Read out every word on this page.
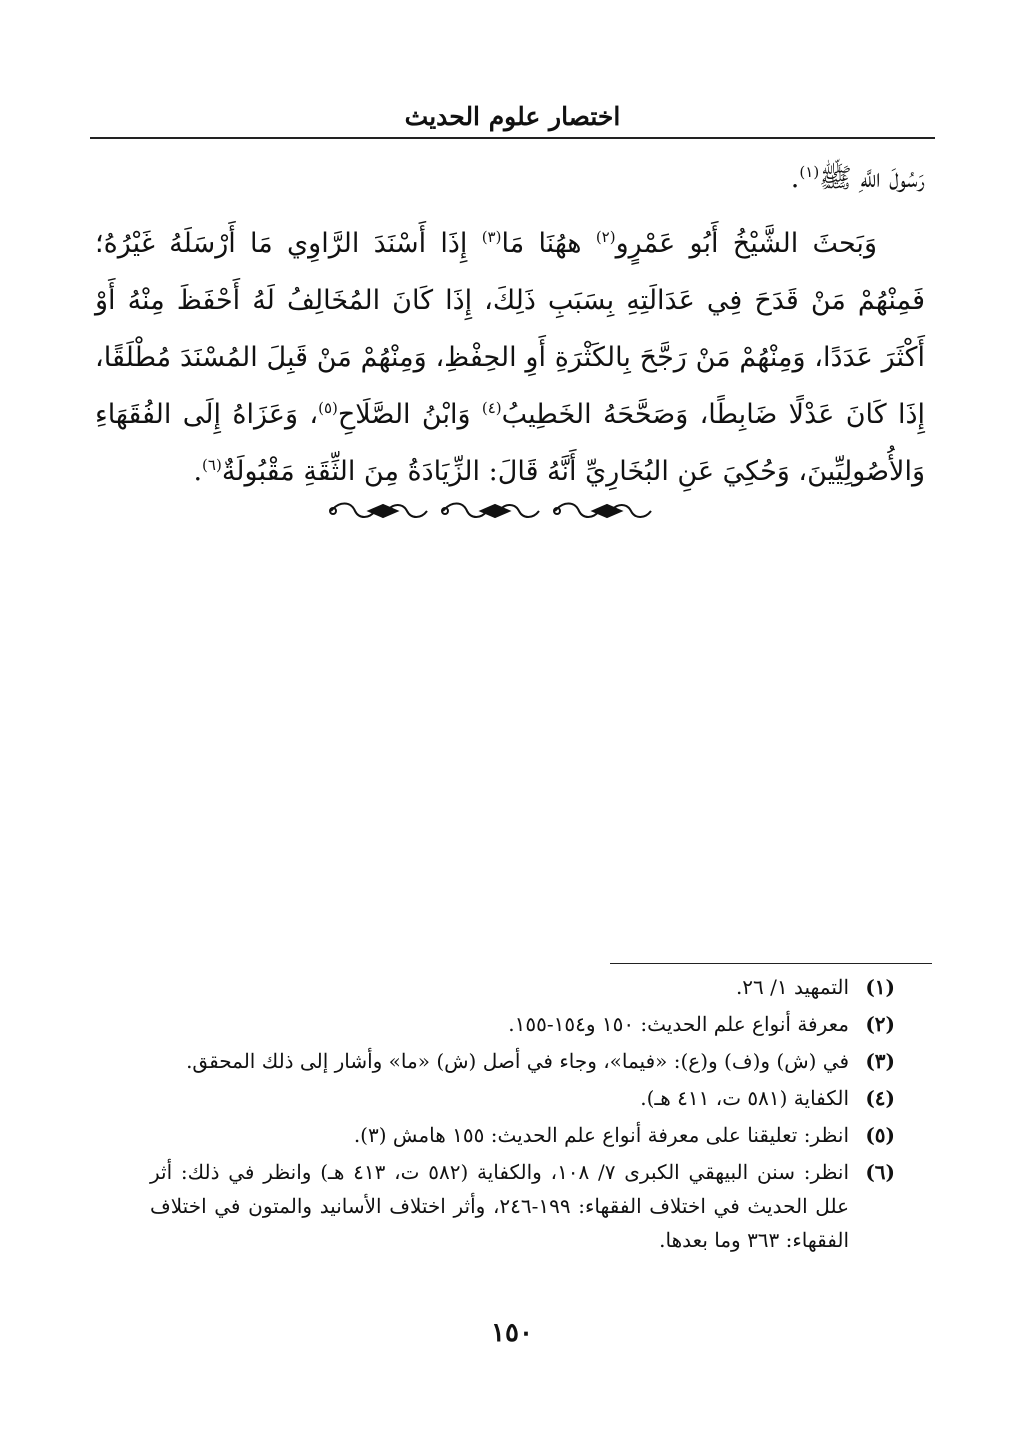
اختصار علوم الحديث

رَسُولَ اللَّهِ ﷺ$^{(١)}$.

وَبَحثَ الشَّيْخُ أَبُو عَمْرٍو$^{(٢)}$ ههُنَا مَا$^{(٣)}$ إِذَا أَسْنَدَ الرَّاوِي مَا أَرْسَلَهُ غَيْرُهُ؛ فَمِنْهُمْ مَنْ قَدَحَ فِي عَدَالَتِهِ بِسَبَبِ ذَلِكَ، إِذَا كَانَ المُخَالِفُ لَهُ أَحْفَظَ مِنْهُ أَوْ أَكْثَرَ عَدَدًا، وَمِنْهُمْ مَنْ رَجَّحَ بِالكَثْرَةِ أَوِ الحِفْظِ، وَمِنْهُمْ مَنْ قَبِلَ المُسْنَدَ مُطْلَقًا، إِذَا كَانَ عَدْلًا ضَابِطًا، وَصَحَّحَهُ الخَطِيبُ$^{(٤)}$ وَابْنُ الصَّلَاحِ$^{(٥)}$، وَعَزَاهُ إِلَى الفُقَهَاءِ وَالأُصُولِيِّينَ، وَحُكِيَ عَنِ البُخَارِيِّ أَنَّهُ قَالَ: الزِّيَادَةُ مِنَ الثِّقَةِ مَقْبُولَةٌ$^{(٦)}$.

(١)
التمهيد ١/ ٢٦.

(٢)
معرفة أنواع علم الحديث: ١٥٠ و١٥٤-١٥٥.

(٣)
في (ش) و(ف) و(ع): «فيما»، وجاء في أصل (ش) «ما» وأشار إلى ذلك المحقق.

(٤)
الكفاية (٥٨١ ت، ٤١١ هـ).

(٥)
انظر: تعليقنا على معرفة أنواع علم الحديث: ١٥٥ هامش (٣).

(٦)
انظر: سنن البيهقي الكبرى ٧/ ١٠٨، والكفاية (٥٨٢ ت، ٤١٣ هـ) وانظر في ذلك: أثر علل الحديث في اختلاف الفقهاء: ١٩٩-٢٤٦، وأثر اختلاف الأسانيد والمتون في اختلاف الفقهاء: ٣٦٣ وما بعدها.

١٥٠
